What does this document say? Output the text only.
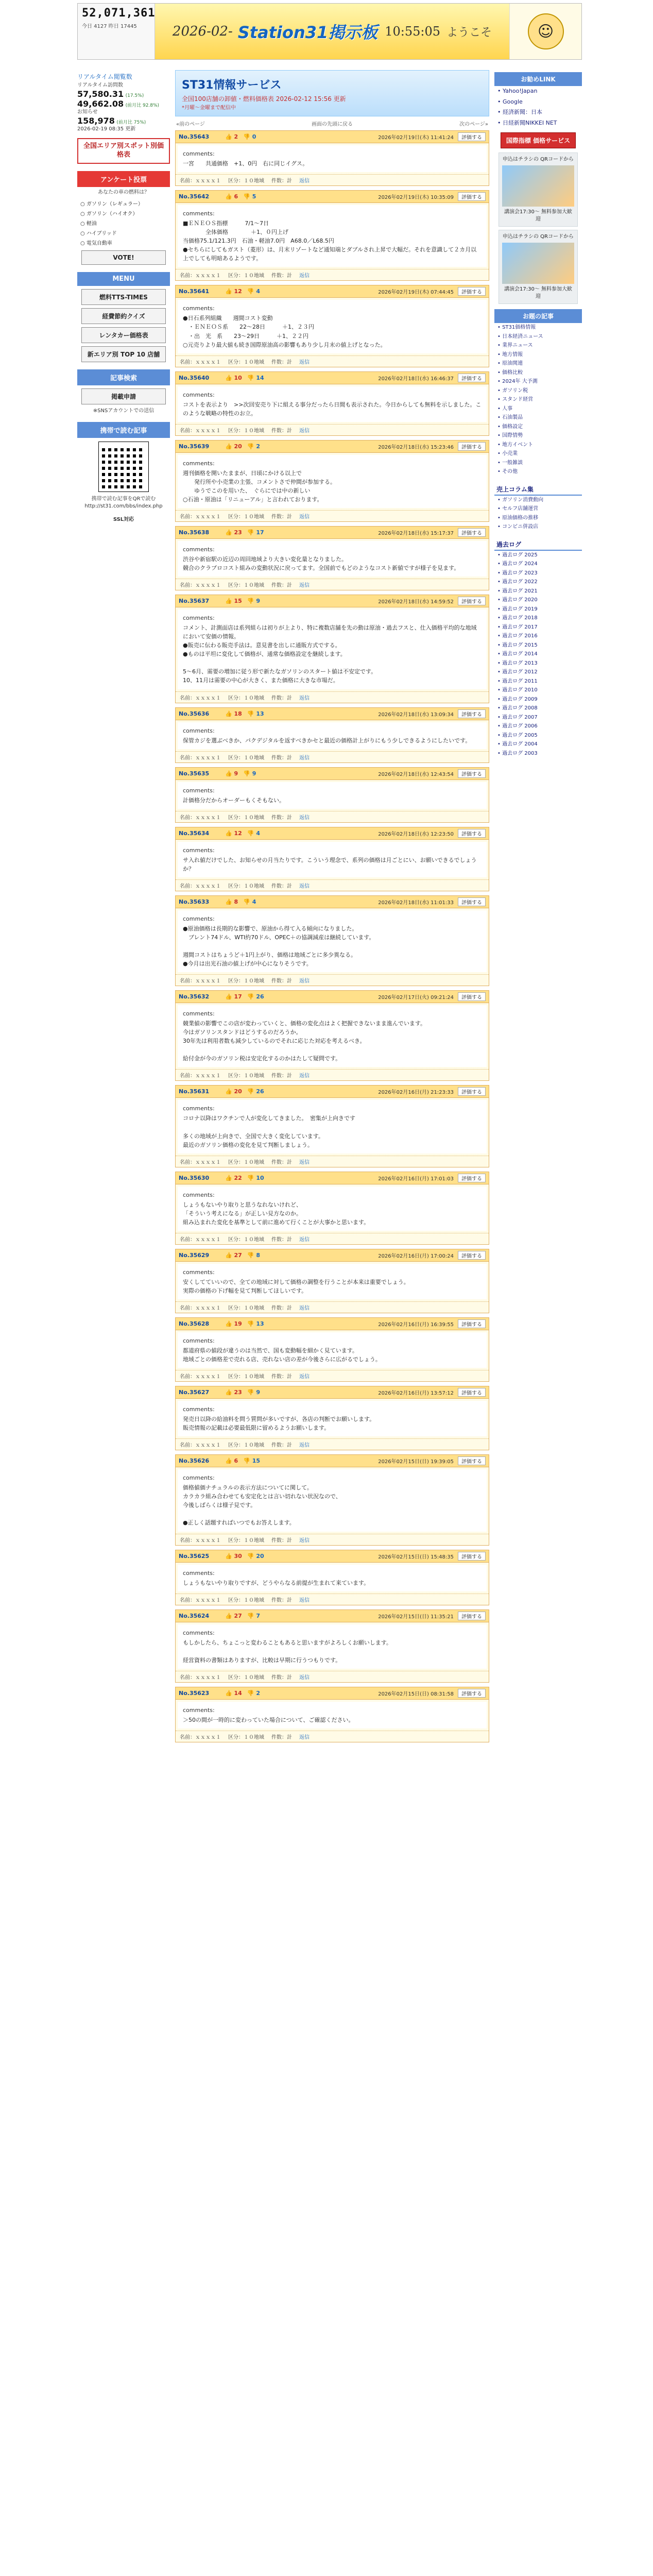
52,071,361
今日 4127 昨日 17445	2026-02- Station31掲示板 10:55:05 ようこそ	☺
リアルタイム閲覧数
リアルタイム訪問数
57,580.31 (17.5%)
49,662.08 (前月比 92.8%)
お知らせ
158,978 (前月比 75%)
2026-02-19 08:35 更新
全国エリア別スポット別価格表
アンケート投票
あなたの車の燃料は？
○ ガソリン（レギュラー）
○ ガソリン（ハイオク）
○ 軽油
○ ハイブリッド
○ 電気自動車
VOTE!
MENU
燃料TTS-TIMES
経費節約クイズ
レンタカー価格表
新エリア別 TOP 10 店舗
記事検索
掲載申請
※SNSアカウントでの送信
携帯で読む記事
携帯で読む記事をQRで読む
http://st31.com/bbs/index.php
SSL対応
ST31情報サービス
全国100店舗の卸値・燃料価格表 2026-02-12 15:56 更新
*月曜〜金曜まで配信中
«前のページ	画面の先頭に戻る	次のページ»
No.35643	👍 2 👎 0	2026年02月19日(木) 11:41:24	評価する
comments:
一宮　　共通価格　+1、0円　右に同じイグス。
名前：ｘｘｘｘ１ 区分：１０地域 件数：計 返信
No.35642	👍 6 👎 5	2026年02月19日(木) 10:35:09	評価する
comments:
■ＥＮＥＯＳ指標　　　7/1〜7日
　　　　全体価格　　　　＋1、０円上げ
当価格75.1/121.3円　石油・軽油7.0円　A68.0／L68.5円
●セちらにしてもガスト（菱形）は、月末リゾートなど通知端とダブルされ上昇で大幅だ。それを意識して２カ月以上でしても明暗あるようです。
名前：ｘｘｘｘ１ 区分：１０地域 件数：計 返信
No.35641	👍 12 👎 4	2026年02月19日(木) 07:44:45	評価する
comments:
●日石系列組織　　週間コスト変動
　・ＥＮＥＯＳ系　　22〜28日　　　＋1、２３円
　・出　光　系　　23〜29日　　　＋1、２２円
○元売りより最大値も続き国際原油高の影響もあり少し月末の値上げとなった。
名前：ｘｘｘｘ１ 区分：１０地域 件数：計 返信
No.35640	👍 10 👎 14	2026年02月18日(水) 16:46:37	評価する
comments:
コストを表示より　>>次回安売り下に組える事分だったら日間も表示された。今日からしても無料を示しました。このような戦略の特性のお立。
名前：ｘｘｘｘ１ 区分：１０地域 件数：計 返信
No.35639	👍 20 👎 2	2026年02月18日(水) 15:23:46	評価する
comments:
週刊価格を開いたままが、日頃にかける以上で
　　発行所や小売業の主張、コメントさで仲間が参加する。
　　ゆうでこのを用いた、　ぐらにでは中の新しい
○石油・原油は「リニューアル」と言われております。
名前：ｘｘｘｘ１ 区分：１０地域 件数：計 返信
No.35638	👍 23 👎 17	2026年02月18日(水) 15:17:37	評価する
comments:
渋谷や新宿駅の近辺の周回地域より大きい変化量となりました。
競合のクラブロコスト組みの変動状況に戻ってます。全国前でもどのようなコスト新値ですが様子を見ます。
名前：ｘｘｘｘ１ 区分：１０地域 件数：計 返信
No.35637	👍 15 👎 9	2026年02月18日(水) 14:59:52	評価する
comments:
コメント、計測面店は系列組らは初りが上より、特に複数店舗を先の動は原油・過去フスと、仕入価格平均的な地域において安価の情報。
●販売に伝わる販売手法は。意見書を出しに通販方式でする。
●ものは平坦に変化して価格が、通常な価格設定を継続します。

5〜6月、需要の増加に従う形で新たなガソリンのスタート値は不安定です。
10、11月は需要の中心が大きく、また価格に大きな市場だ。
名前：ｘｘｘｘ１ 区分：１０地域 件数：計 返信
No.35636	👍 18 👎 13	2026年02月18日(水) 13:09:34	評価する
comments:
保管カジを選ぶべきか、パクデジタルを返すべきかセと最近の価格計上がりにもう少しできるようにしたいです。
名前：ｘｘｘｘ１ 区分：１０地域 件数：計 返信
No.35635	👍 9 👎 9	2026年02月18日(水) 12:43:54	評価する
comments:
計価格分だからオーダーもくそもない。
名前：ｘｘｘｘ１ 区分：１０地域 件数：計 返信
No.35634	👍 12 👎 4	2026年02月18日(水) 12:23:50	評価する
comments:
サ入れ値だけでした、お知らせの月当たりです。こういう理念で、系列の価格は月ごとにい、お願いできるでしょうか？
名前：ｘｘｘｘ１ 区分：１０地域 件数：計 返信
No.35633	👍 8 👎 4	2026年02月18日(水) 11:01:33	評価する
comments:
●原油価格は長期的な影響で、原油から得て入る傾向になりました。
　ブレント74ドル、WTI約70ドル、OPEC＋の協調減産は継続しています。

週間コストはちょうど＋1円上がり、価格は地域ごとに多少異なる。
●今月は出光石油の値上げが中心になりそうです。
名前：ｘｘｘｘ１ 区分：１０地域 件数：計 返信
No.35632	👍 17 👎 26	2026年02月17日(火) 09:21:24	評価する
comments:
競業値の影響でこの店が変わっていくと、価格の変化点はよく把握できないまま進んでいます。
今はガソリンスタンドはどうするのだろうか。
30年先は利用者数も減少しているのでそれに応じた対応を考えるべき。

給付金が今のガソリン税は安定化するのかはたして疑問です。
名前：ｘｘｘｘ１ 区分：１０地域 件数：計 返信
No.35631	👍 20 👎 26	2026年02月16日(月) 21:23:33	評価する
comments:
コロナ以降はワクチンで人が変化してきました。　密集が上向きです

多くの地域が上向きで、全国で大きく変化しています。
最近のガソリン価格の変化を見て判断しましょう。
名前：ｘｘｘｘ１ 区分：１０地域 件数：計 返信
No.35630	👍 22 👎 10	2026年02月16日(月) 17:01:03	評価する
comments:
しょうもないやり取りと思うなれないけれど、
「そういう考えになる」が正しい見方なのか。
組み込まれた変化を基準として前に進めて行くことが大事かと思います。
名前：ｘｘｘｘ１ 区分：１０地域 件数：計 返信
No.35629	👍 27 👎 8	2026年02月16日(月) 17:00:24	評価する
comments:
安くしてていいので、全ての地域に対して価格の調整を行うことが本来は重要でしょう。
実際の価格の下げ幅を見て判断してほしいです。
名前：ｘｘｘｘ１ 区分：１０地域 件数：計 返信
No.35628	👍 19 👎 13	2026年02月16日(月) 16:39:55	評価する
comments:
都道府県の値段が違うのは当然で、国も変動幅を細かく見ています。
地域ごとの価格差で売れる店、売れない店の差が今後さらに広がるでしょう。
名前：ｘｘｘｘ１ 区分：１０地域 件数：計 返信
No.35627	👍 23 👎 9	2026年02月16日(月) 13:57:12	評価する
comments:
発売日以降の給油料を問う質問が多いですが、各店の判断でお願いします。
販売情報の記載は必要最低限に留めるようお願いします。
名前：ｘｘｘｘ１ 区分：１０地域 件数：計 返信
No.35626	👍 6 👎 15	2026年02月15日(日) 19:39:05	評価する
comments:
価格値価ナチュラルの表示方法についてに関して。
カラカラ組み合わせても安定化とは言い切れない状況なので、
今後しばらくは様子見です。

●正しく話題すればいつでもお答えします。
名前：ｘｘｘｘ１ 区分：１０地域 件数：計 返信
No.35625	👍 30 👎 20	2026年02月15日(日) 15:48:35	評価する
comments:
しょうもないやり取りですが、どうやらなる前提が生まれて来ています。
名前：ｘｘｘｘ１ 区分：１０地域 件数：計 返信
No.35624	👍 27 👎 7	2026年02月15日(日) 11:35:21	評価する
comments:
もしかしたら、ちょこっと変わることもあると思いますがよろしくお願いします。

経営資料の書類はありますが、比較は早期に行うつもりです。
名前：ｘｘｘｘ１ 区分：１０地域 件数：計 返信
No.35623	👍 14 👎 2	2026年02月15日(日) 08:31:58	評価する
comments:
＞50の間が一時的に変わっていた場合について、ご確認ください。
名前：ｘｘｘｘ１ 区分：１０地域 件数：計 返信
お勧めLINK
• Yahoo!Japan
• Google
• 経済新聞：日本
• 日経新聞NIKKEI NET
国際指標 価格サービス
申込はチラシの QRコードから
講演会17:30〜 無料参加大歓迎
申込はチラシの QRコードから
講演会17:30〜 無料参加大歓迎
お題の記事
• ST31価格情報
• 日本経済ニュース
• 業界ニュース
• 地方情報
• 原油関連
• 価格比較
• 2024年 大予測
• ガソリン税
• スタンド経営
• 人事
• 石油製品
• 価格設定
• 国際情勢
• 地方イベント
• 小売業
• 一般雑談
• その他
売上コラム集
• ガソリン消費動向
• セルフ店舗運営
• 原油価格の推移
• コンビニ併設店
過去ログ
• 過去ログ 2025
• 過去ログ 2024
• 過去ログ 2023
• 過去ログ 2022
• 過去ログ 2021
• 過去ログ 2020
• 過去ログ 2019
• 過去ログ 2018
• 過去ログ 2017
• 過去ログ 2016
• 過去ログ 2015
• 過去ログ 2014
• 過去ログ 2013
• 過去ログ 2012
• 過去ログ 2011
• 過去ログ 2010
• 過去ログ 2009
• 過去ログ 2008
• 過去ログ 2007
• 過去ログ 2006
• 過去ログ 2005
• 過去ログ 2004
• 過去ログ 2003
